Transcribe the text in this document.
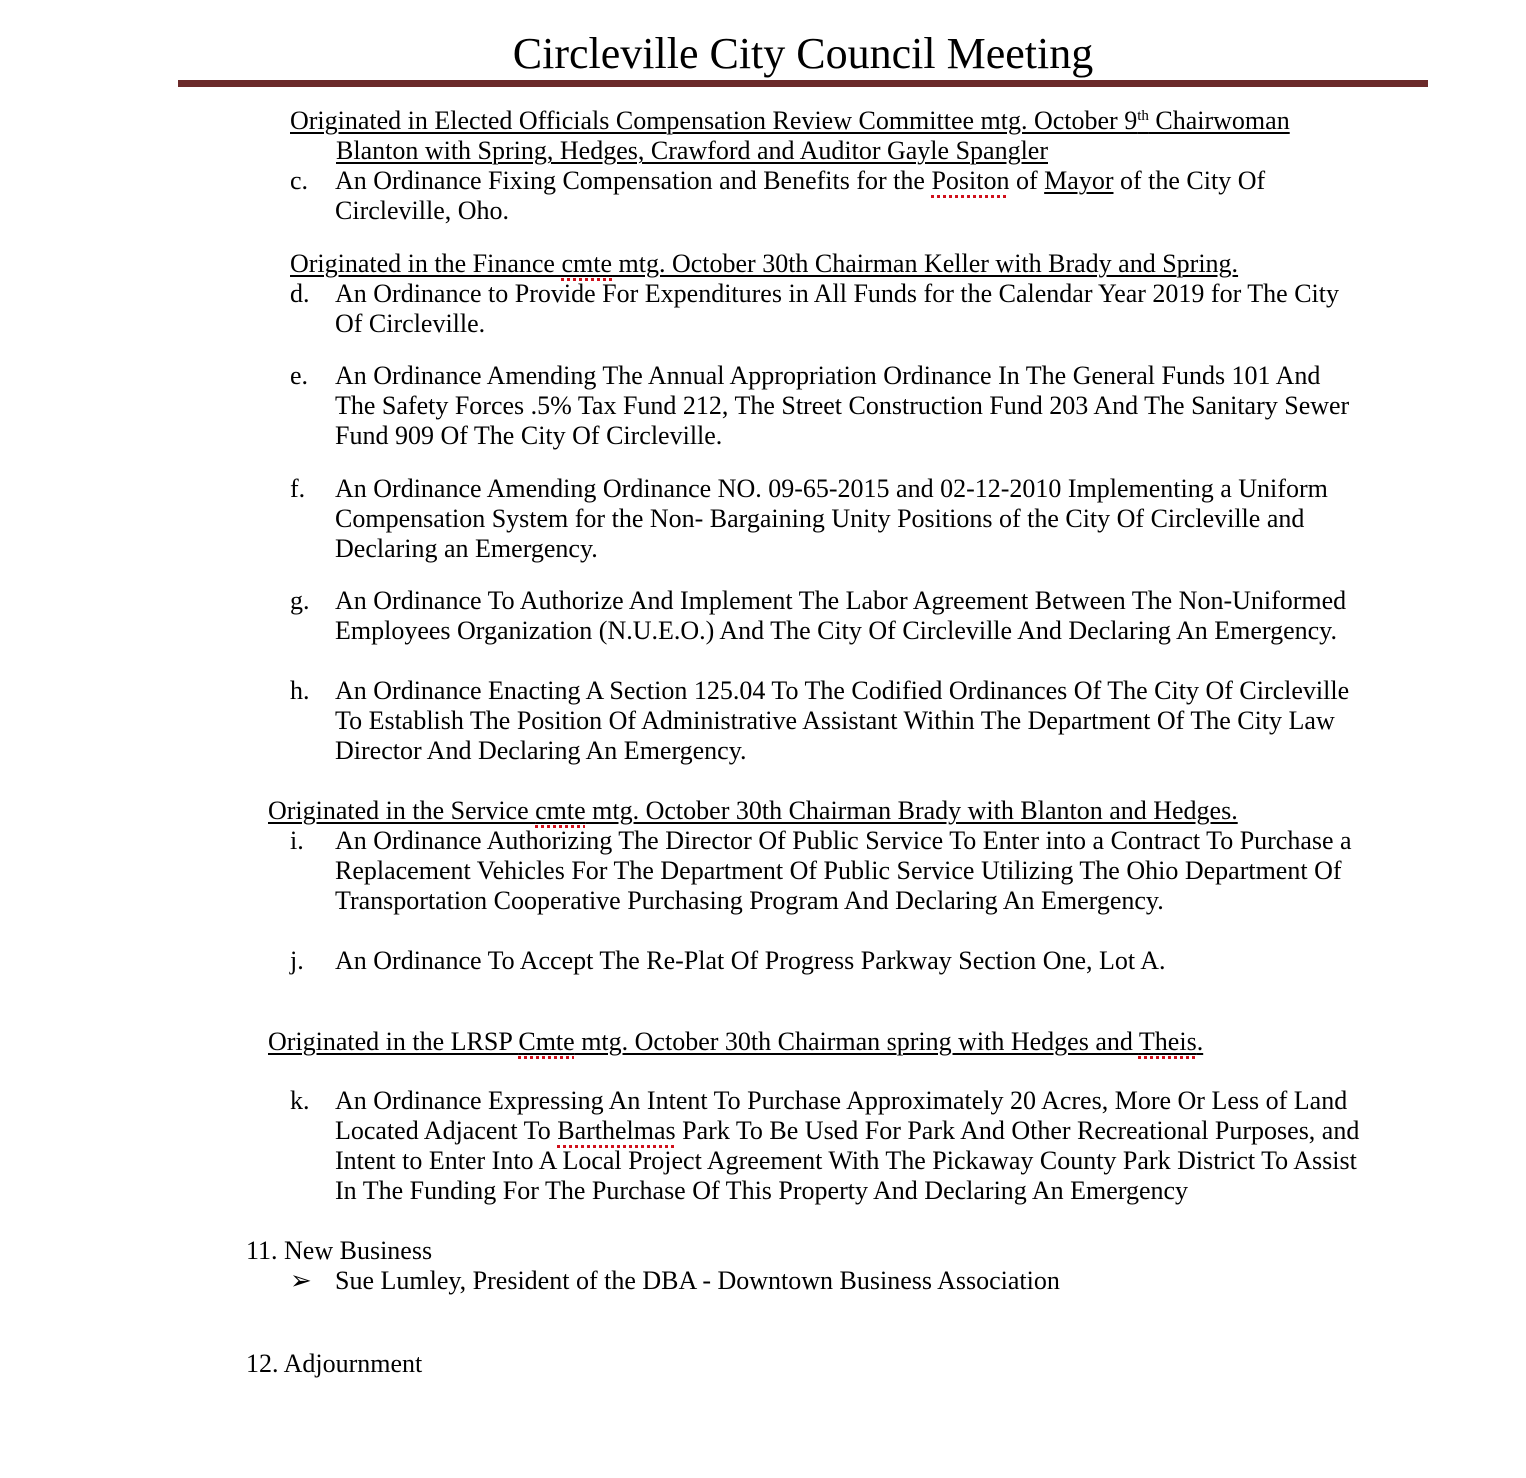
Circleville City Council Meeting
Originated in Elected Officials Compensation Review Committee mtg. October 9th Chairwoman
Blanton with Spring, Hedges, Crawford and Auditor Gayle Spangler
c. An Ordinance Fixing Compensation and Benefits for the Positon of Mayor of the City Of
Circleville, Oho.
Originated in the Finance cmte mtg. October 30th Chairman Keller with Brady and Spring.
d. An Ordinance to Provide For Expenditures in All Funds for the Calendar Year 2019 for The City
Of Circleville.
e. An Ordinance Amending The Annual Appropriation Ordinance In The General Funds 101 And
The Safety Forces .5% Tax Fund 212, The Street Construction Fund 203 And The Sanitary Sewer
Fund 909 Of The City Of Circleville.
f. An Ordinance Amending Ordinance NO. 09-65-2015 and 02-12-2010 Implementing a Uniform
Compensation System for the Non- Bargaining Unity Positions of the City Of Circleville and
Declaring an Emergency.
g. An Ordinance To Authorize And Implement The Labor Agreement Between The Non-Uniformed
Employees Organization (N.U.E.O.) And The City Of Circleville And Declaring An Emergency.
h. An Ordinance Enacting A Section 125.04 To The Codified Ordinances Of The City Of Circleville
To Establish The Position Of Administrative Assistant Within The Department Of The City Law
Director And Declaring An Emergency.
Originated in the Service cmte mtg. October 30th Chairman Brady with Blanton and Hedges.
i. An Ordinance Authorizing The Director Of Public Service To Enter into a Contract To Purchase a
Replacement Vehicles For The Department Of Public Service Utilizing The Ohio Department Of
Transportation Cooperative Purchasing Program And Declaring An Emergency.
j. An Ordinance To Accept The Re-Plat Of Progress Parkway Section One, Lot A.
Originated in the LRSP Cmte mtg. October 30th Chairman spring with Hedges and Theis.
k. An Ordinance Expressing An Intent To Purchase Approximately 20 Acres, More Or Less of Land
Located Adjacent To Barthelmas Park To Be Used For Park And Other Recreational Purposes, and
Intent to Enter Into A Local Project Agreement With The Pickaway County Park District To Assist
In The Funding For The Purchase Of This Property And Declaring An Emergency
11. New Business
➢ Sue Lumley, President of the DBA - Downtown Business Association
12. Adjournment
